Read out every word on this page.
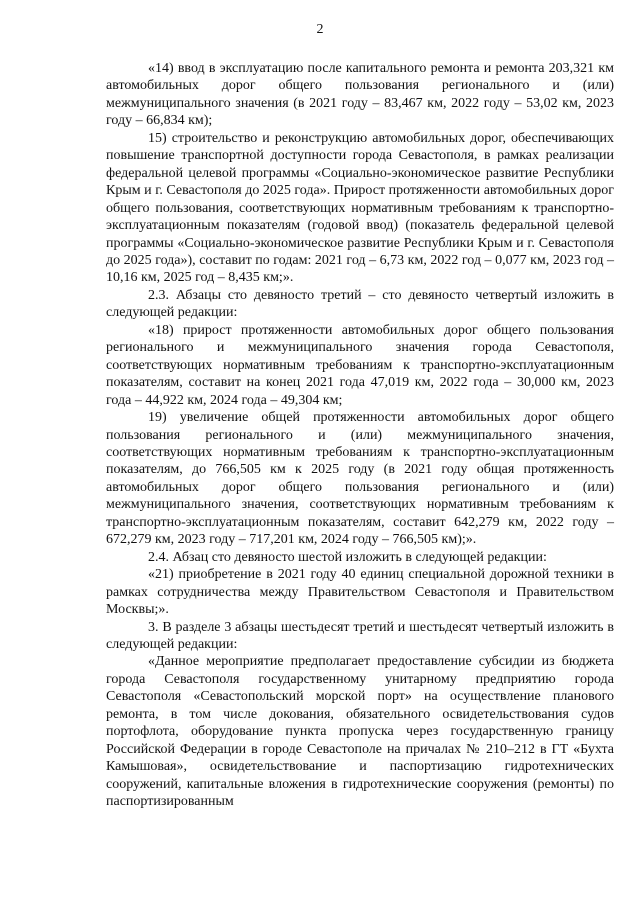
2

«14) ввод в эксплуатацию после капитального ремонта и ремонта 203,321 км автомобильных дорог общего пользования регионального и (или) межмуниципального значения (в 2021 году – 83,467 км, 2022 году – 53,02 км, 2023 году – 66,834 км);

15) строительство и реконструкцию автомобильных дорог, обеспечивающих повышение транспортной доступности города Севастополя, в рамках реализации федеральной целевой программы «Социально-экономическое развитие Республики Крым и г. Севастополя до 2025 года». Прирост протяженности автомобильных дорог общего пользования, соответствующих нормативным требованиям к транспортно-эксплуатационным показателям (годовой ввод) (показатель федеральной целевой программы «Социально-экономическое развитие Республики Крым и г. Севастополя до 2025 года»), составит по годам: 2021 год – 6,73 км, 2022 год – 0,077 км, 2023 год – 10,16 км, 2025 год – 8,435 км;».

2.3. Абзацы сто девяносто третий – сто девяносто четвертый изложить в следующей редакции:

«18) прирост протяженности автомобильных дорог общего пользования регионального и межмуниципального значения города Севастополя, соответствующих нормативным требованиям к транспортно-эксплуатационным показателям, составит на конец 2021 года 47,019 км, 2022 года – 30,000 км, 2023 года – 44,922 км, 2024 года – 49,304 км;

19) увеличение общей протяженности автомобильных дорог общего пользования регионального и (или) межмуниципального значения, соответствующих нормативным требованиям к транспортно-эксплуатационным показателям, до 766,505 км к 2025 году (в 2021 году общая протяженность автомобильных дорог общего пользования регионального и (или) межмуниципального значения, соответствующих нормативным требованиям к транспортно-эксплуатационным показателям, составит 642,279 км, 2022 году – 672,279 км, 2023 году – 717,201 км, 2024 году – 766,505 км);».

2.4. Абзац сто девяносто шестой изложить в следующей редакции:

«21) приобретение в 2021 году 40 единиц специальной дорожной техники в рамках сотрудничества между Правительством Севастополя и Правительством Москвы;».

3. В разделе 3 абзацы шестьдесят третий и шестьдесят четвертый изложить в следующей редакции:

«Данное мероприятие предполагает предоставление субсидии из бюджета города Севастополя государственному унитарному предприятию города Севастополя «Севастопольский морской порт» на осуществление планового ремонта, в том числе докования, обязательного освидетельствования судов портофлота, оборудование пункта пропуска через государственную границу Российской Федерации в городе Севастополе на причалах № 210–212 в ГТ «Бухта Камышовая», освидетельствование и паспортизацию гидротехнических сооружений, капитальные вложения в гидротехнические сооружения (ремонты) по паспортизированным
